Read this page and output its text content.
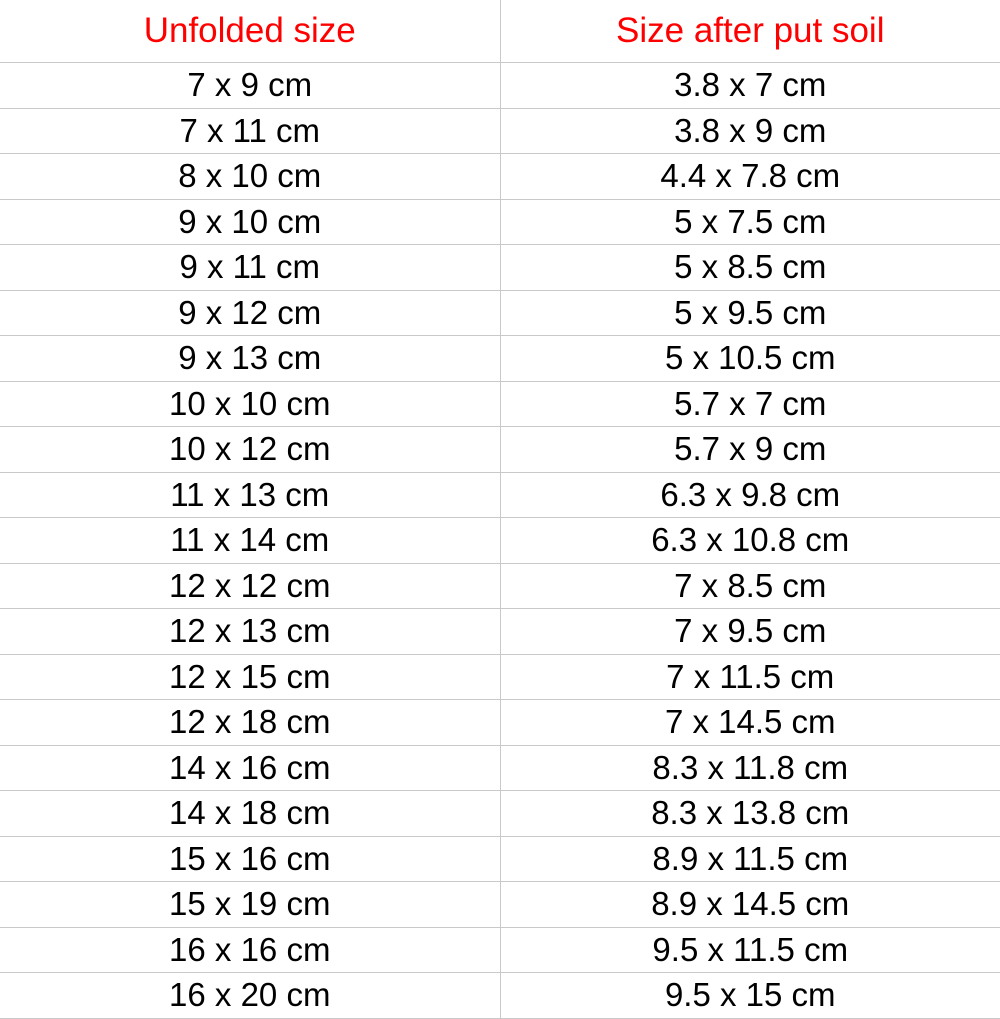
Unfolded size	Size after put soil
7 x 9 cm	3.8 x 7 cm
7 x 11 cm	3.8 x 9 cm
8 x 10 cm	4.4 x 7.8 cm
9 x 10 cm	5 x 7.5 cm
9 x 11 cm	5 x 8.5 cm
9 x 12 cm	5 x 9.5 cm
9 x 13 cm	5 x 10.5 cm
10 x 10 cm	5.7 x 7 cm
10 x 12 cm	5.7 x 9 cm
11 x 13 cm	6.3 x 9.8 cm
11 x 14 cm	6.3 x 10.8 cm
12 x 12 cm	7 x 8.5 cm
12 x 13 cm	7 x 9.5 cm
12 x 15 cm	7 x 11.5 cm
12 x 18 cm	7 x 14.5 cm
14 x 16 cm	8.3 x 11.8 cm
14 x 18 cm	8.3 x 13.8 cm
15 x 16 cm	8.9 x 11.5 cm
15 x 19 cm	8.9 x 14.5 cm
16 x 16 cm	9.5 x 11.5 cm
16 x 20 cm	9.5 x 15 cm
